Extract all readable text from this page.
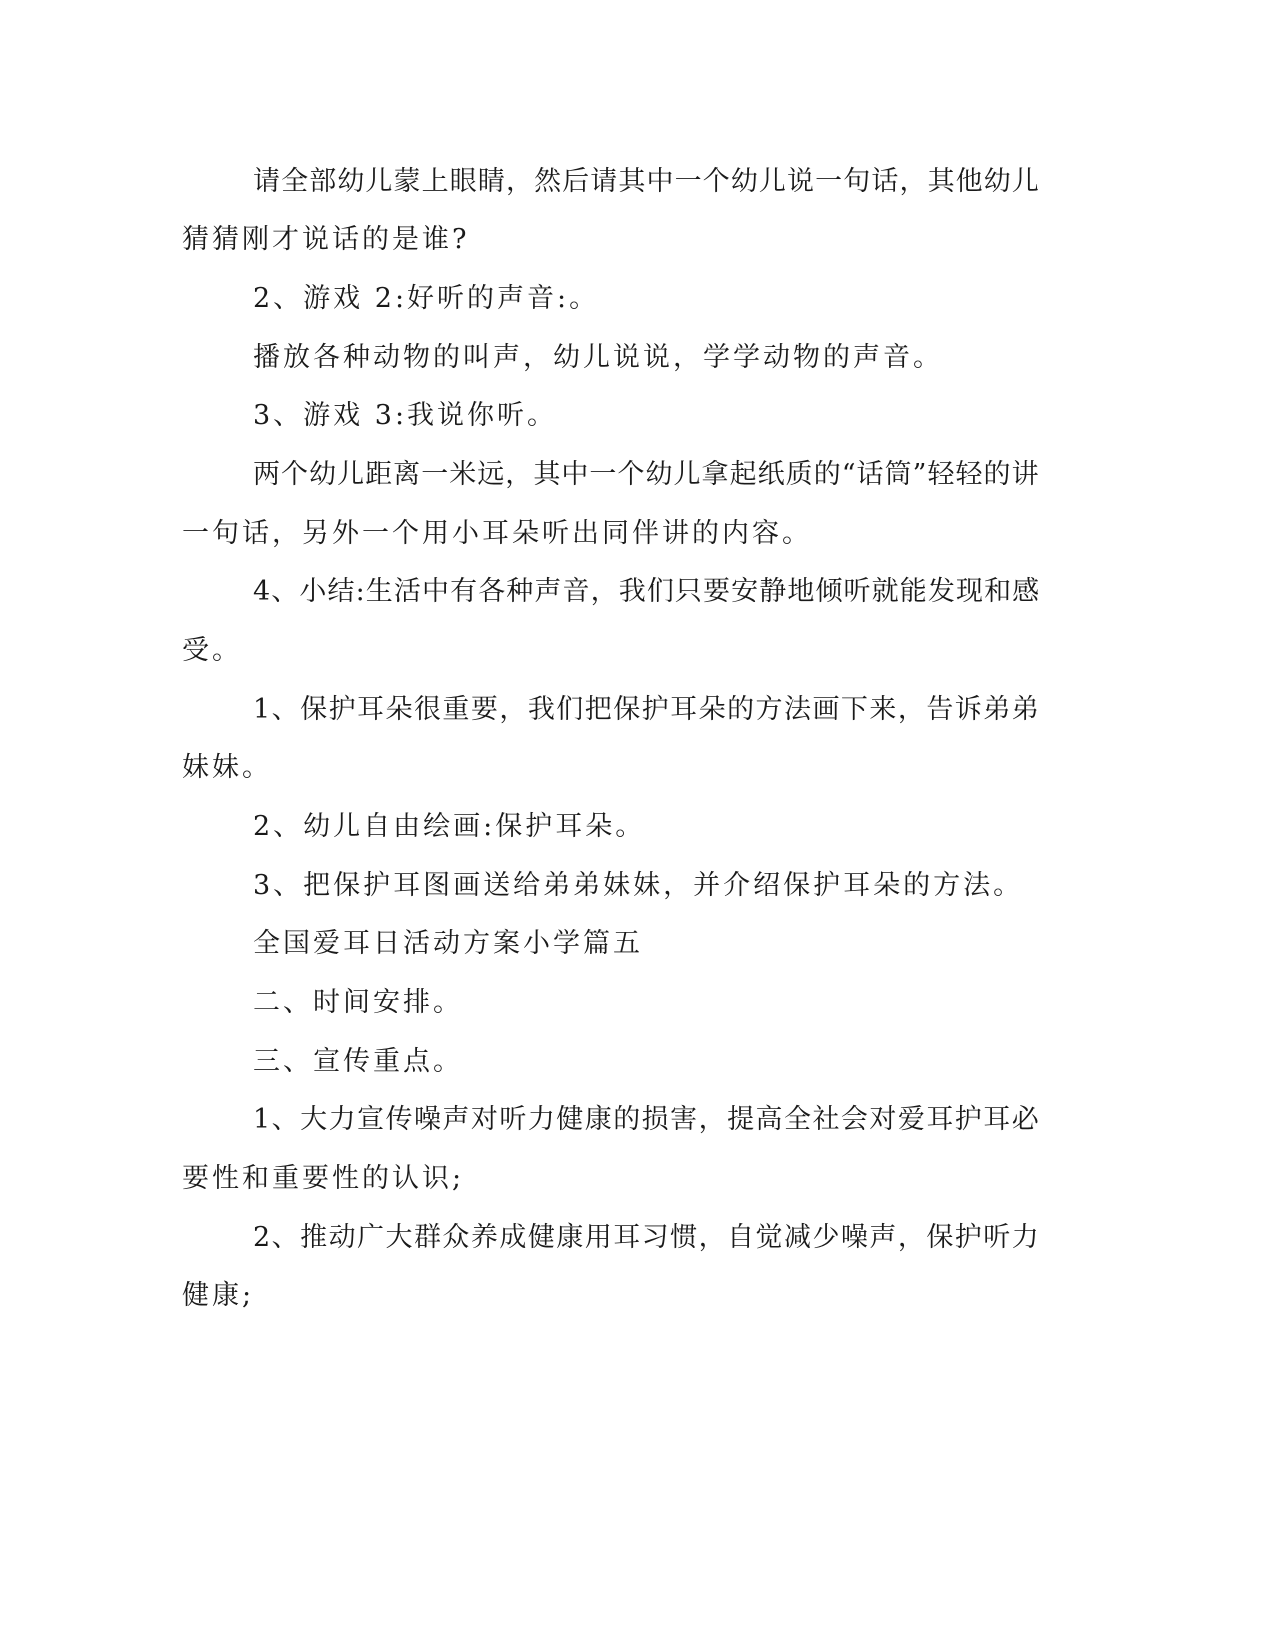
请全部幼儿蒙上眼睛，然后请其中一个幼儿说一句话，其他幼儿
猜猜刚才说话的是谁?
2、游戏 2:好听的声音:。
播放各种动物的叫声，幼儿说说，学学动物的声音。
3、游戏 3:我说你听。
两个幼儿距离一米远，其中一个幼儿拿起纸质的“话筒”轻轻的讲
一句话，另外一个用小耳朵听出同伴讲的内容。
4、小结:生活中有各种声音，我们只要安静地倾听就能发现和感
受。
1、保护耳朵很重要，我们把保护耳朵的方法画下来，告诉弟弟
妹妹。
2、幼儿自由绘画:保护耳朵。
3、把保护耳图画送给弟弟妹妹，并介绍保护耳朵的方法。
全国爱耳日活动方案小学篇五
二、时间安排。
三、宣传重点。
1、大力宣传噪声对听力健康的损害，提高全社会对爱耳护耳必
要性和重要性的认识;
2、推动广大群众养成健康用耳习惯，自觉减少噪声，保护听力
健康;
